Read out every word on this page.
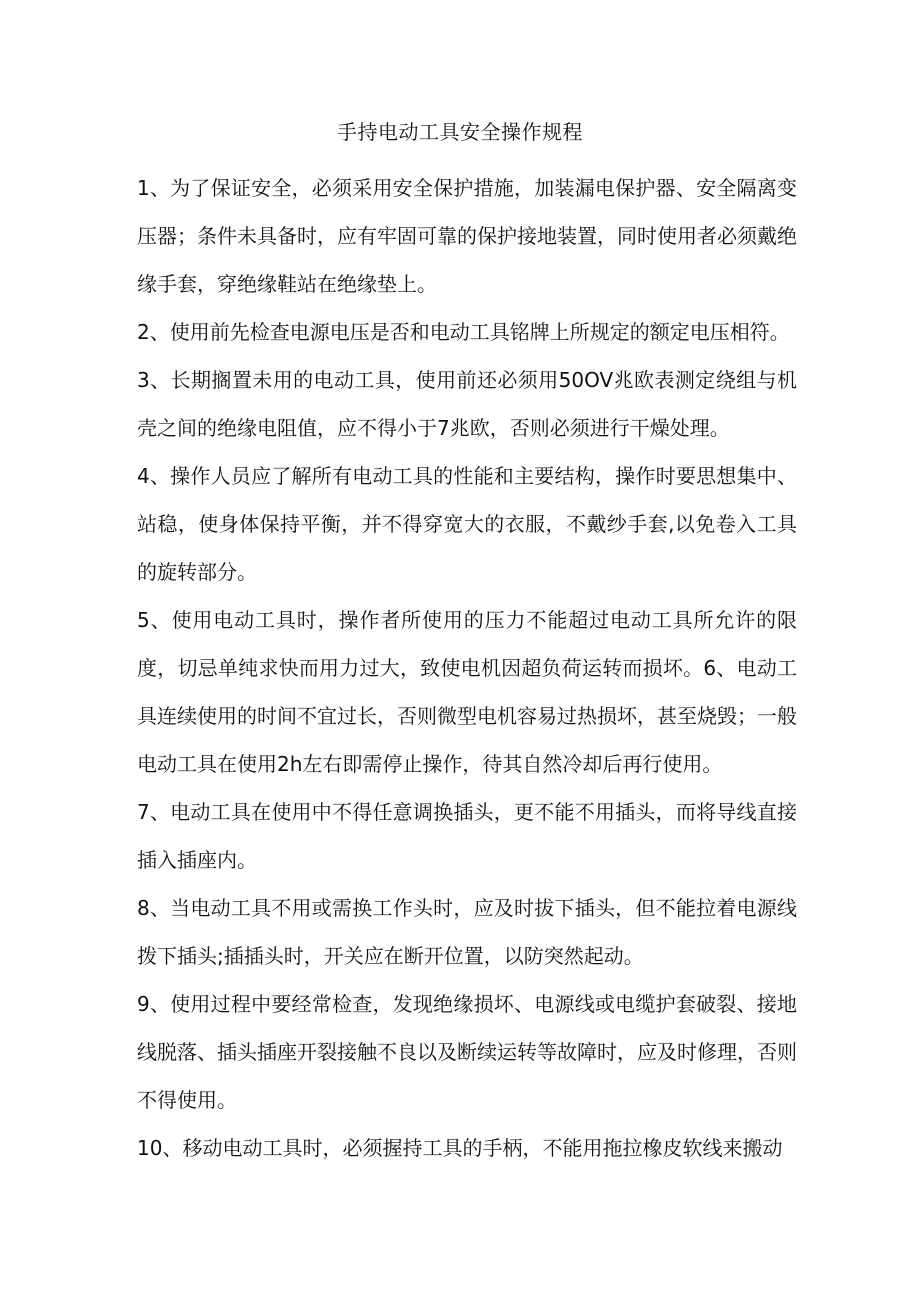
手持电动工具安全操作规程

1、为了保证安全，必须采用安全保护措施，加装漏电保护器、安全隔离变压器；条件未具备时，应有牢固可靠的保护接地装置，同时使用者必须戴绝缘手套，穿绝缘鞋站在绝缘垫上。

2、使用前先检查电源电压是否和电动工具铭牌上所规定的额定电压相符。

3、长期搁置未用的电动工具，使用前还必须用50OV兆欧表测定绕组与机壳之间的绝缘电阻值，应不得小于7兆欧，否则必须进行干燥处理。

4、操作人员应了解所有电动工具的性能和主要结构，操作时要思想集中、站稳，使身体保持平衡，并不得穿宽大的衣服，不戴纱手套,以免卷入工具的旋转部分。

5、使用电动工具时，操作者所使用的压力不能超过电动工具所允许的限度，切忌单纯求快而用力过大，致使电机因超负荷运转而损坏。6、电动工具连续使用的时间不宜过长，否则微型电机容易过热损坏，甚至烧毁；一般电动工具在使用2h左右即需停止操作，待其自然冷却后再行使用。

7、电动工具在使用中不得任意调换插头，更不能不用插头，而将导线直接插入插座内。

8、当电动工具不用或需换工作头时，应及时拔下插头，但不能拉着电源线拨下插头;插插头时，开关应在断开位置，以防突然起动。

9、使用过程中要经常检查，发现绝缘损坏、电源线或电缆护套破裂、接地线脱落、插头插座开裂接触不良以及断续运转等故障时，应及时修理，否则不得使用。

10、移动电动工具时，必须握持工具的手柄，不能用拖拉橡皮软线来搬动
